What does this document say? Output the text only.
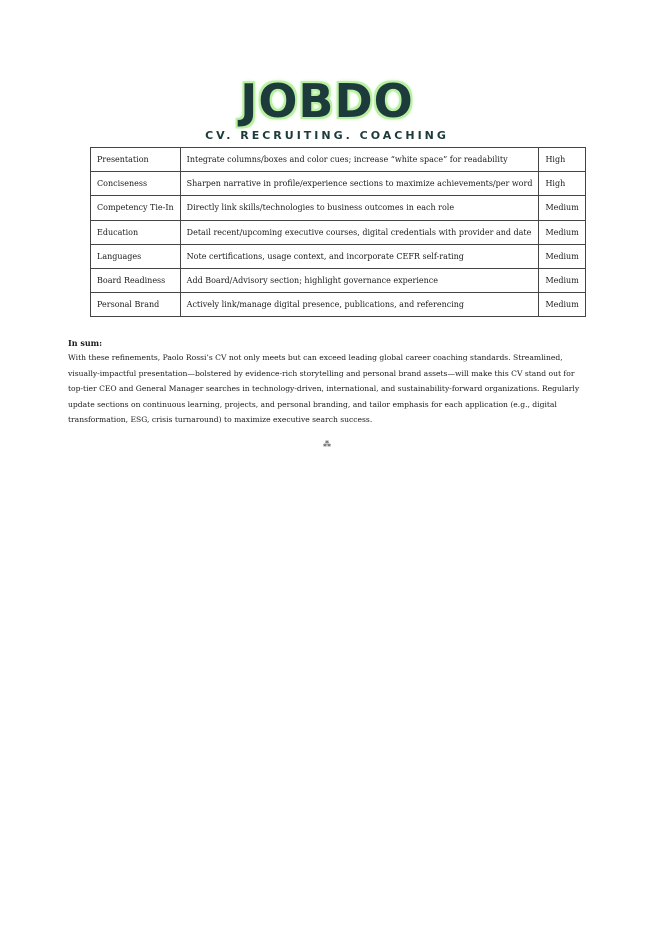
JOBDO
CV. RECRUITING. COACHING
Presentation	Integrate columns/boxes and color cues; increase “white space” for readability	High
Conciseness	Sharpen narrative in profile/experience sections to maximize achievements/per word	High
Competency Tie-In	Directly link skills/technologies to business outcomes in each role	Medium
Education	Detail recent/upcoming executive courses, digital credentials with provider and date	Medium
Languages	Note certifications, usage context, and incorporate CEFR self-rating	Medium
Board Readiness	Add Board/Advisory section; highlight governance experience	Medium
Personal Brand	Actively link/manage digital presence, publications, and referencing	Medium
In sum:
With these refinements, Paolo Rossi’s CV not only meets but can exceed leading global career coaching standards. Streamlined, visually-impactful presentation—bolstered by evidence-rich storytelling and personal brand assets—will make this CV stand out for top-tier CEO and General Manager searches in technology-driven, international, and sustainability-forward organizations. Regularly update sections on continuous learning, projects, and personal branding, and tailor emphasis for each application (e.g., digital transformation, ESG, crisis turnaround) to maximize executive search success.
⁂
